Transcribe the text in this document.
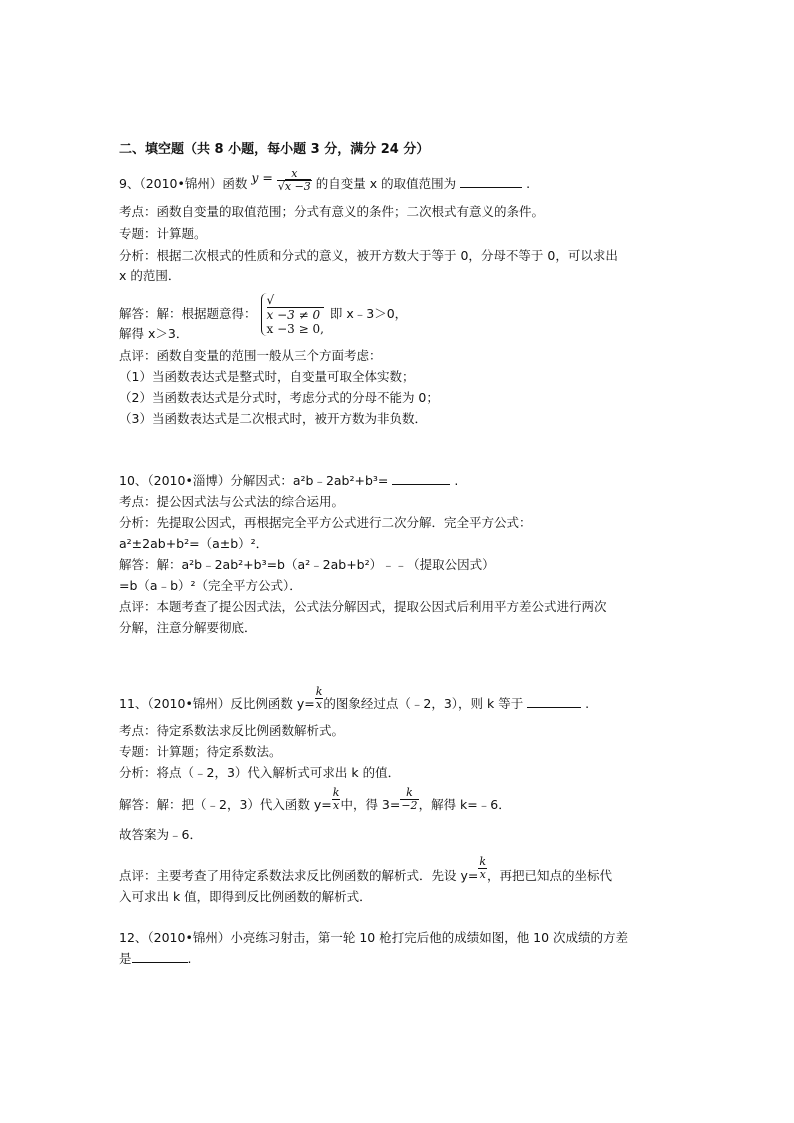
二、填空题（共 8 小题，每小题 3 分，满分 24 分）
9、（2010•锦州）函数 $y = \frac{x}{√x -3}$ 的自变量 x 的取值范围为	.
考点：函数自变量的取值范围；分式有意义的条件；二次根式有意义的条件。
专题：计算题。
分析：根据二次根式的性质和分式的意义，被开方数大于等于 0，分母不等于 0，可以求出
x 的范围．
解答：解：根据题意得：
√
x −3 ≠ 0
x −3 ≥ 0,
即 x﹣3＞0，
解得 x＞3．
点评：函数自变量的范围一般从三个方面考虑：
（1）当函数表达式是整式时，自变量可取全体实数；
（2）当函数表达式是分式时，考虑分式的分母不能为 0；
（3）当函数表达式是二次根式时，被开方数为非负数．
10、（2010•淄博）分解因式：a²b﹣2ab²+b³=	.
考点：提公因式法与公式法的综合运用。
分析：先提取公因式，再根据完全平方公式进行二次分解．完全平方公式：
a²±2ab+b²=（a±b）²．
解答：解：a²b﹣2ab²+b³=b（a²﹣2ab+b²）﹣﹣（提取公因式）
=b（a﹣b）²（完全平方公式）．
点评：本题考查了提公因式法，公式法分解因式，提取公因式后利用平方差公式进行两次
分解，注意分解要彻底．
11、（2010•锦州）反比例函数 $y= \frac{k}{x}$ 的图象经过点（﹣2，3），则 k 等于	.
考点：待定系数法求反比例函数解析式。
专题：计算题；待定系数法。
分析：将点（﹣2，3）代入解析式可求出 k 的值．
解答：解：把（﹣2，3）代入函数 $y= \frac{k}{x}$ 中，得 $3= \frac{k}{-2}$ ，解得 k=﹣6．
故答案为﹣6．
点评：主要考查了用待定系数法求反比例函数的解析式．先设 $y= \frac{k}{x}$ ，再把已知点的坐标代
入可求出 k 值，即得到反比例函数的解析式．
12、（2010•锦州）小亮练习射击，第一轮 10 枪打完后他的成绩如图，他 10 次成绩的方差
是	.
